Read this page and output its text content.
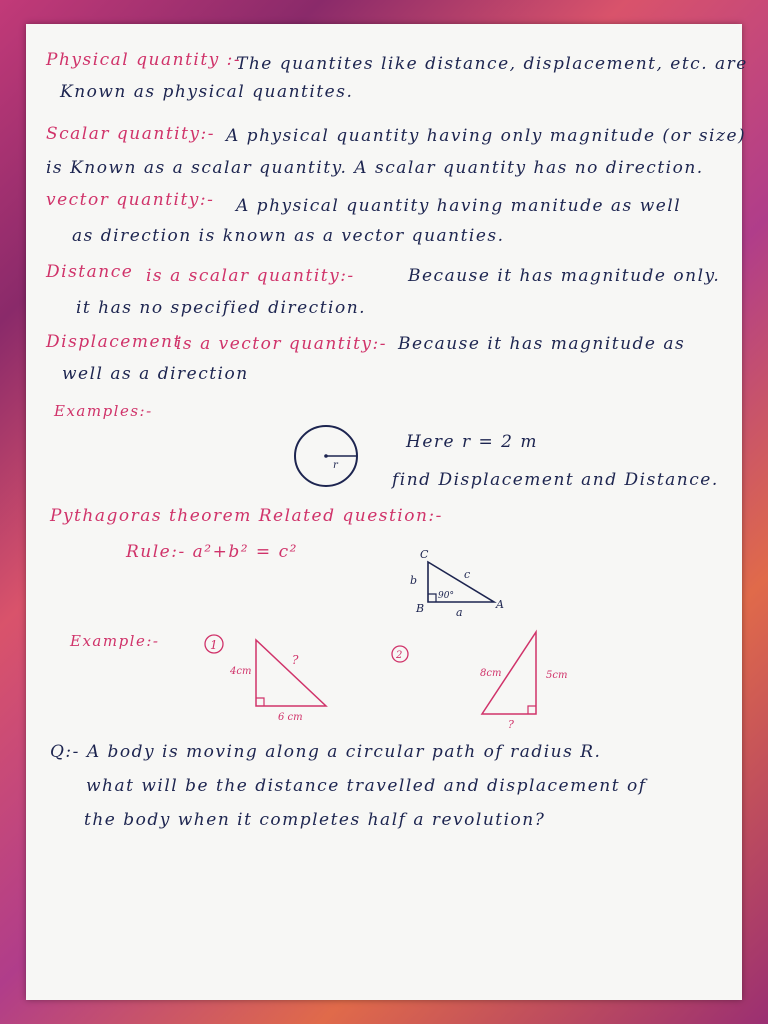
Physical quantity :-
The quantites like distance, displacement, etc. are
Known as physical quantites.
Scalar quantity:- A physical quantity having only magnitude (or size)
is Known as a scalar quantity. A scalar quantity has no direction.
vector quantity:- A physical quantity having manitude as well
as direction is known as a vector quanties.
Distance is a scalar quantity:-	Because it has magnitude only.
it has no specified direction.
Displacement
is a vector quantity:- Because it has magnitude as
well as a direction
Examples:-
r
Here r = 2 m
find Displacement and Distance.
Pythagoras theorem Related question:-
Rule:- a²+b² = c²	C
B	A
b	c
a
90°
Example:-	1
4cm
?
6 cm
2
8cm	5cm
?
Q:- A body is moving along a circular path of radius R.
what will be the distance travelled and displacement of
the body when it completes half a revolution?
